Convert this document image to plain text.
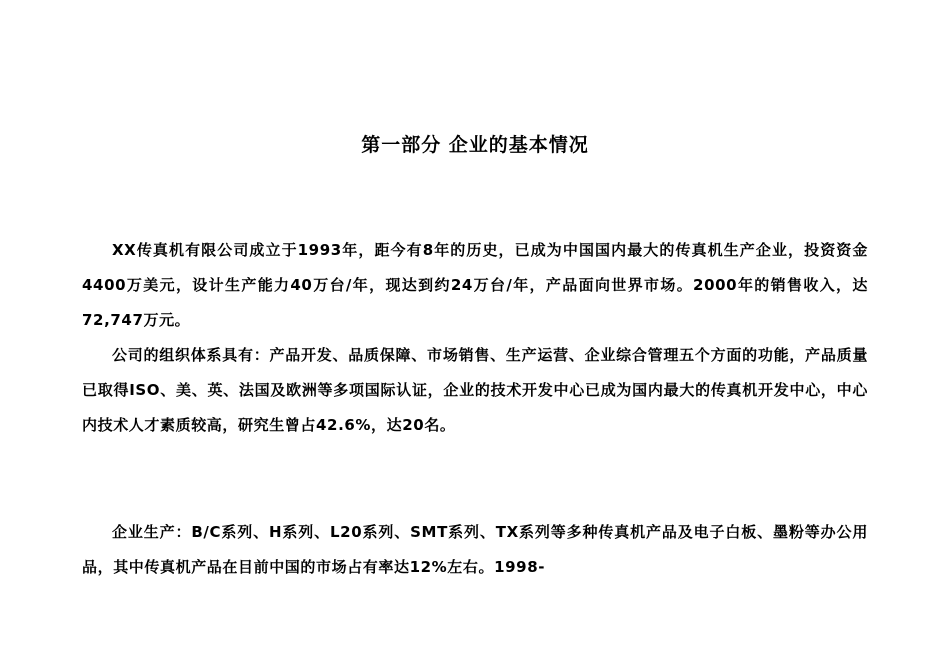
第一部分 企业的基本情况

XX传真机有限公司成立于1993年，距今有8年的历史，已成为中国国内最大的传真机生产企业，投资资金4400万美元，设计生产能力40万台/年，现达到约24万台/年，产品面向世界市场。2000年的销售收入，达72,747万元。

公司的组织体系具有：产品开发、品质保障、市场销售、生产运营、企业综合管理五个方面的功能，产品质量已取得ISO、美、英、法国及欧洲等多项国际认证，企业的技术开发中心已成为国内最大的传真机开发中心，中心内技术人才素质较高，研究生曾占42.6%，达20名。

企业生产：B/C系列、H系列、L20系列、SMT系列、TX系列等多种传真机产品及电子白板、墨粉等办公用品，其中传真机产品在目前中国的市场占有率达12%左右。1998-
